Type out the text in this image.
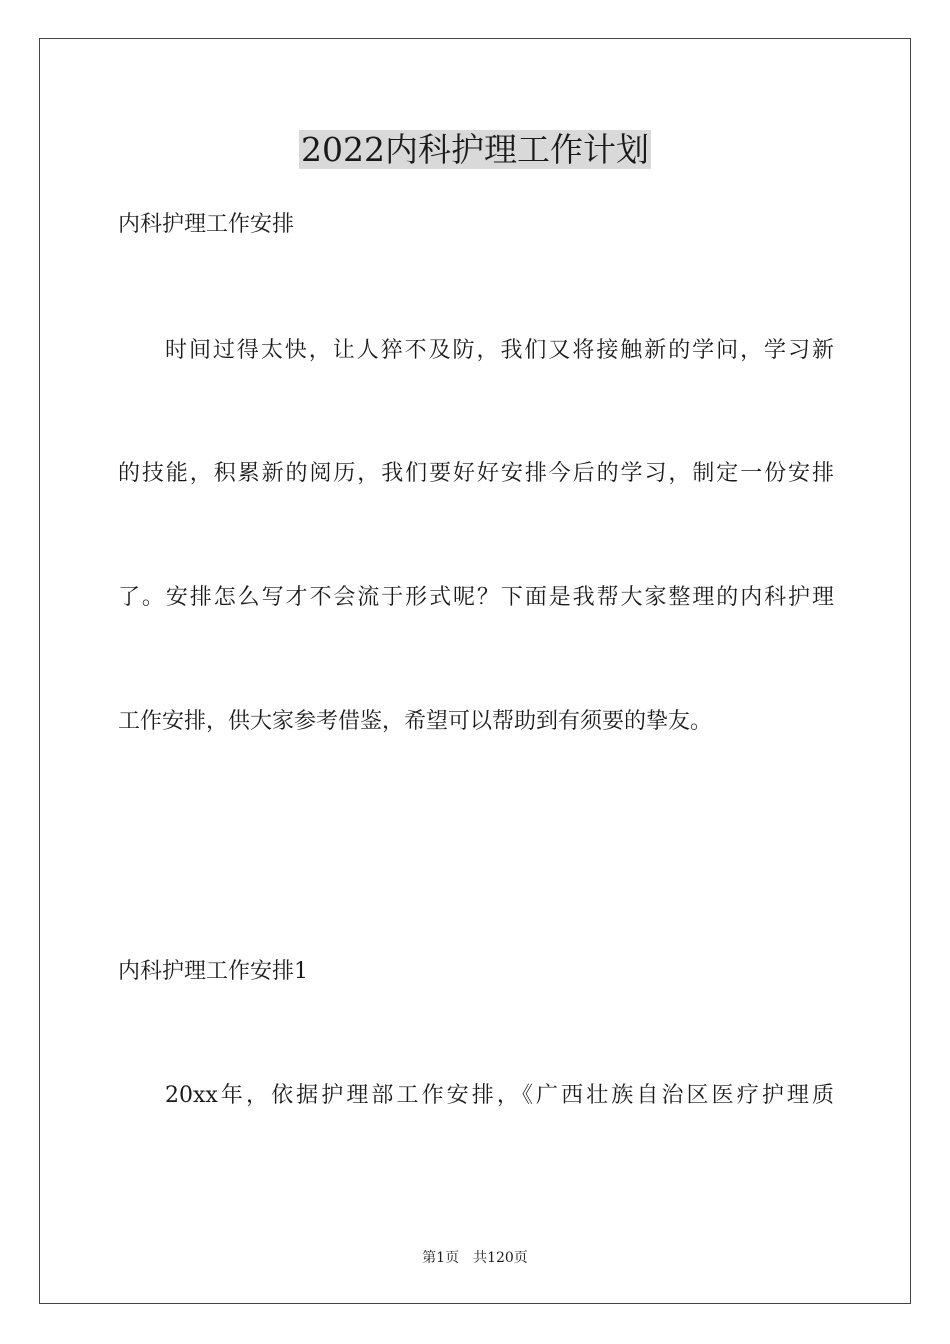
2022内科护理工作计划
内科护理工作安排
时间过得太快，让人猝不及防，我们又将接触新的学问，学习新
的技能，积累新的阅历，我们要好好安排今后的学习，制定一份安排
了。安排怎么写才不会流于形式呢？下面是我帮大家整理的内科护理
工作安排，供大家参考借鉴，希望可以帮助到有须要的挚友。
内科护理工作安排1
20xx年，依据护理部工作安排，《广西壮族自治区医疗护理质
第1页　共120页
